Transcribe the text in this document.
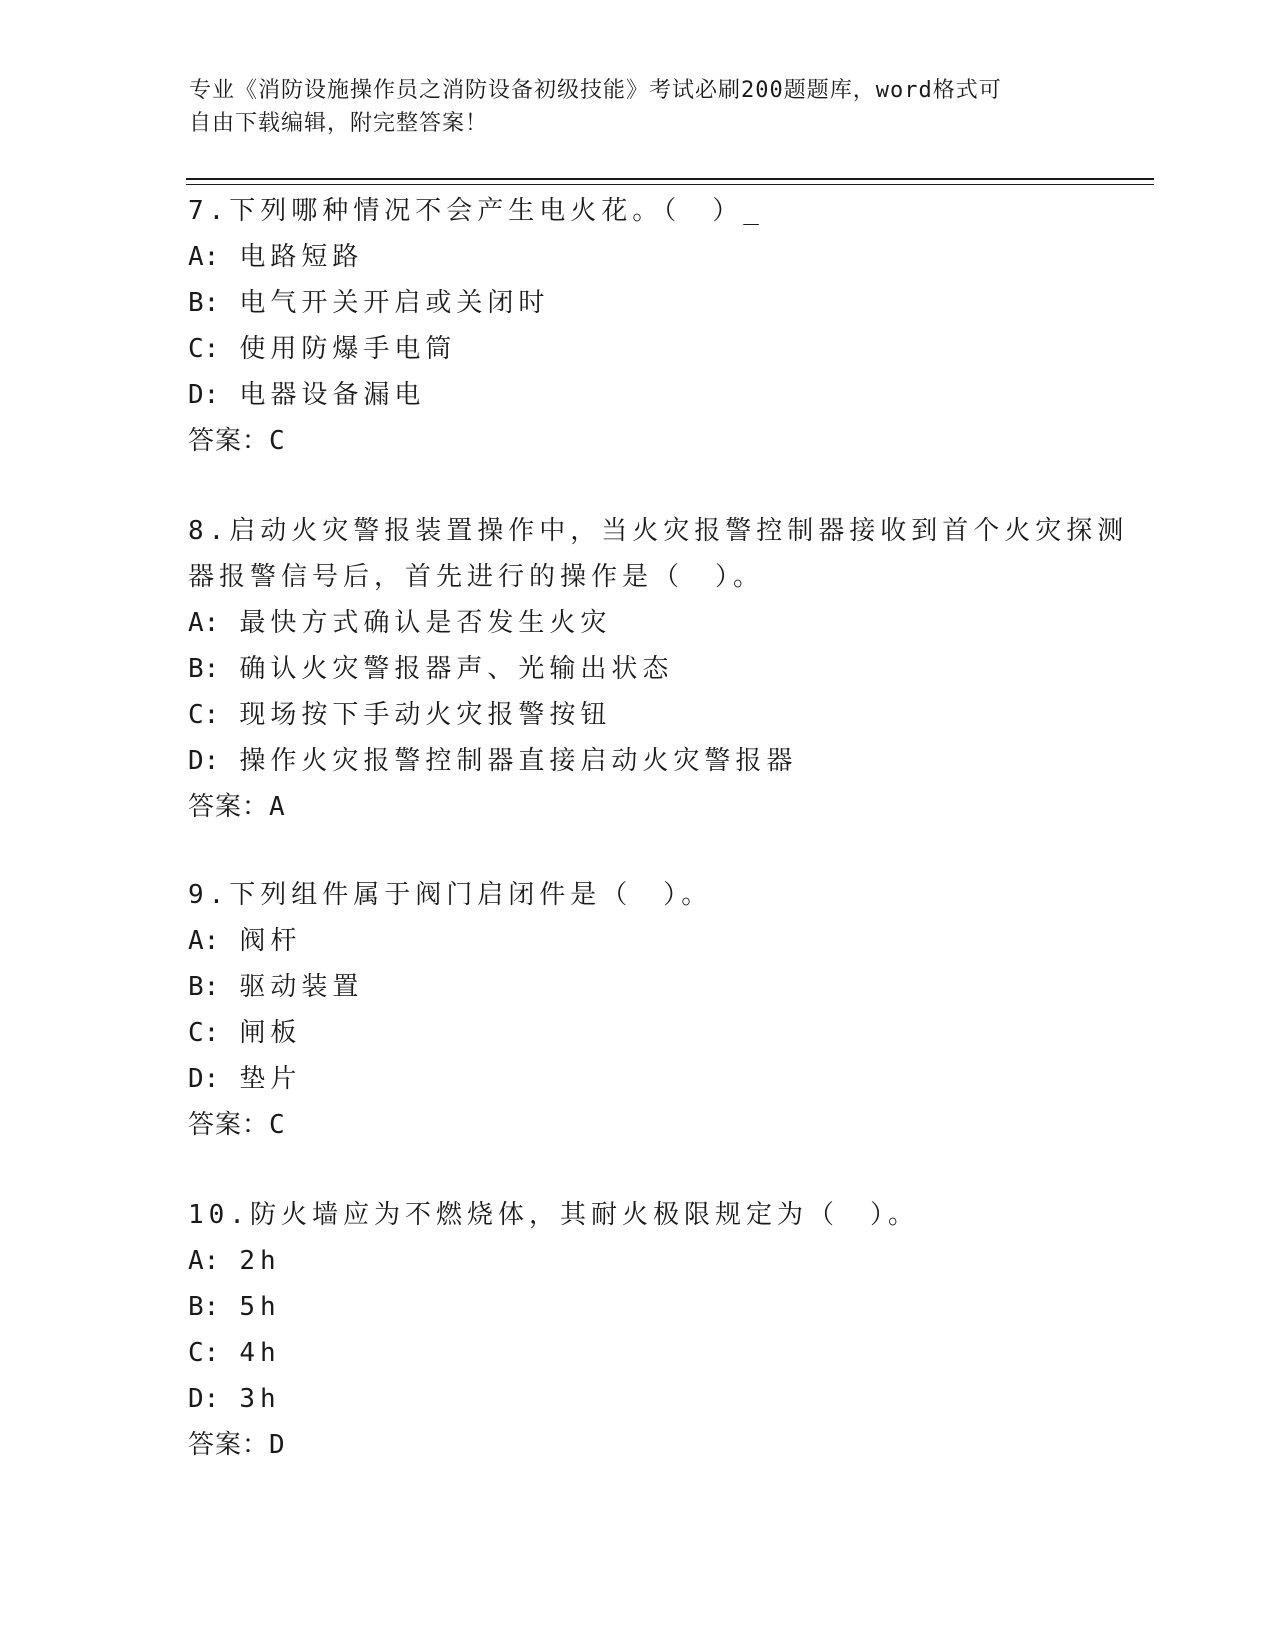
专业《消防设施操作员之消防设备初级技能》考试必刷200题题库，word格式可
自由下载编辑，附完整答案！
7.下列哪种情况不会产生电火花。（　）_
A: 电路短路
B: 电气开关开启或关闭时
C: 使用防爆手电筒
D: 电器设备漏电
答案：C
8.启动火灾警报装置操作中，当火灾报警控制器接收到首个火灾探测
器报警信号后，首先进行的操作是（　）。
A: 最快方式确认是否发生火灾
B: 确认火灾警报器声、光输出状态
C: 现场按下手动火灾报警按钮
D: 操作火灾报警控制器直接启动火灾警报器
答案：A
9.下列组件属于阀门启闭件是（　）。
A: 阀杆
B: 驱动装置
C: 闸板
D: 垫片
答案：C
10.防火墙应为不燃烧体，其耐火极限规定为（　）。
A: 2h
B: 5h
C: 4h
D: 3h
答案：D
